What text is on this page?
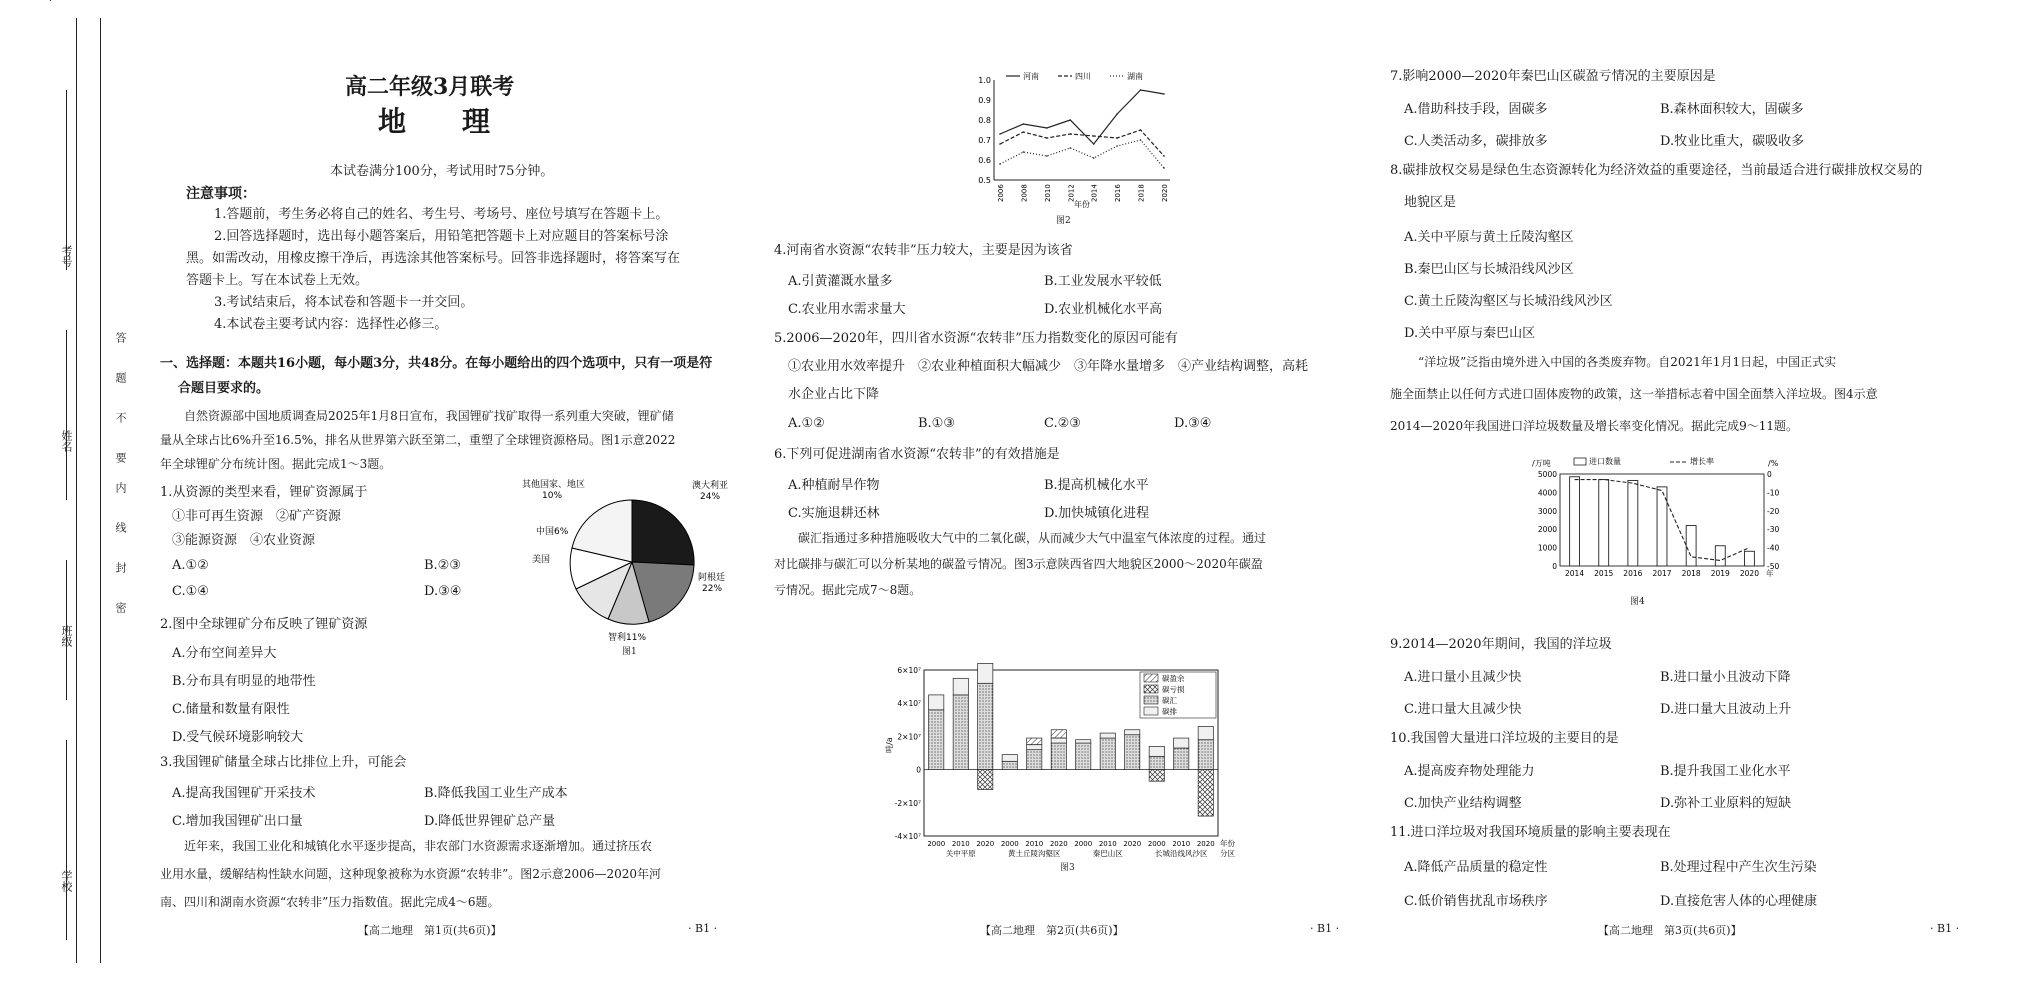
考号
姓名
班级
学校
答
题
不
要
内
线
封
密
高二年级3月联考
地　　理
本试卷满分100分，考试用时75分钟。
注意事项：
1.答题前，考生务必将自己的姓名、考生号、考场号、座位号填写在答题卡上。
2.回答选择题时，选出每小题答案后，用铅笔把答题卡上对应题目的答案标号涂
黑。如需改动，用橡皮擦干净后，再选涂其他答案标号。回答非选择题时，将答案写在
答题卡上。写在本试卷上无效。
3.考试结束后，将本试卷和答题卡一并交回。
4.本试卷主要考试内容：选择性必修三。
一、选择题：本题共16小题，每小题3分，共48分。在每小题给出的四个选项中，只有一项是符
合题目要求的。
自然资源部中国地质调查局2025年1月8日宣布，我国锂矿找矿取得一系列重大突破，锂矿储
量从全球占比6%升至16.5%，排名从世界第六跃至第二，重塑了全球锂资源格局。图1示意2022
年全球锂矿分布统计图。据此完成1～3题。
1.从资源的类型来看，锂矿资源属于
①非可再生资源　②矿产资源
③能源资源　④农业资源
A.①②	B.②③
C.①④	D.③④
其他国家、地区
10%
澳大利亚
24%
中国6%
美国
阿根廷
22%
智利11%
图1
2.图中全球锂矿分布反映了锂矿资源
A.分布空间差异大
B.分布具有明显的地带性
C.储量和数量有限性
D.受气候环境影响较大
3.我国锂矿储量全球占比排位上升，可能会
A.提高我国锂矿开采技术	B.降低我国工业生产成本
C.增加我国锂矿出口量	D.降低世界锂矿总产量
近年来，我国工业化和城镇化水平逐步提高，非农部门水资源需求逐渐增加。通过挤压农
业用水量，缓解结构性缺水问题，这种现象被称为水资源“农转非”。图2示意2006—2020年河
南、四川和湖南水资源“农转非”压力指数值。据此完成4～6题。
【高二地理　第1页(共6页)】	· B1 ·
0.5
0.6
0.7
0.8
0.9
1.0
2006 2008 2010 2012 2014 2016 2018 2020
年份
河南	四川	湖南
图2
4.河南省水资源“农转非”压力较大，主要是因为该省
A.引黄灌溉水量多	B.工业发展水平较低
C.农业用水需求量大	D.农业机械化水平高
5.2006—2020年，四川省水资源“农转非”压力指数变化的原因可能有
①农业用水效率提升　②农业种植面积大幅减少　③年降水量增多　④产业结构调整，高耗
水企业占比下降
A.①②	B.①③	C.②③	D.③④
6.下列可促进湖南省水资源“农转非”的有效措施是
A.种植耐旱作物	B.提高机械化水平
C.实施退耕还林	D.加快城镇化进程
碳汇指通过多种措施吸收大气中的二氧化碳，从而减少大气中温室气体浓度的过程。通过
对比碳排与碳汇可以分析某地的碳盈亏情况。图3示意陕西省四大地貌区2000～2020年碳盈
亏情况。据此完成7～8题。
6×10⁷
4×10⁷
2×10⁷
0
-2×10⁷
-4×10⁷
吨/a
2000 2010 2020 2000 2010 2020 2000 2010 2020 2000 2010 2020
关中平原	黄土丘陵沟壑区	秦巴山区	长城沿线风沙区
年份
分区
碳盈余
碳亏损
碳汇
碳排
图3
【高二地理　第2页(共6页)】	· B1 ·
7.影响2000—2020年秦巴山区碳盈亏情况的主要原因是
A.借助科技手段，固碳多	B.森林面积较大，固碳多
C.人类活动多，碳排放多	D.牧业比重大，碳吸收多
8.碳排放权交易是绿色生态资源转化为经济效益的重要途径，当前最适合进行碳排放权交易的
地貌区是
A.关中平原与黄土丘陵沟壑区
B.秦巴山区与长城沿线风沙区
C.黄土丘陵沟壑区与长城沿线风沙区
D.关中平原与秦巴山区
“洋垃圾”泛指由境外进入中国的各类废弃物。自2021年1月1日起，中国正式实
施全面禁止以任何方式进口固体废物的政策，这一举措标志着中国全面禁入洋垃圾。图4示意
2014—2020年我国进口洋垃圾数量及增长率变化情况。据此完成9～11题。
5000
4000
3000
2000
1000
0
0
-10
-20
-30
-40
-50
/万吨	/%
2014 2015 2016 2017 2018 2019 2020 年
进口数量	增长率
图4
9.2014—2020年期间，我国的洋垃圾
A.进口量小且减少快	B.进口量小且波动下降
C.进口量大且减少快	D.进口量大且波动上升
10.我国曾大量进口洋垃圾的主要目的是
A.提高废弃物处理能力	B.提升我国工业化水平
C.加快产业结构调整	D.弥补工业原料的短缺
11.进口洋垃圾对我国环境质量的影响主要表现在
A.降低产品质量的稳定性	B.处理过程中产生次生污染
C.低价销售扰乱市场秩序	D.直接危害人体的心理健康
【高二地理　第3页(共6页)】	· B1 ·
